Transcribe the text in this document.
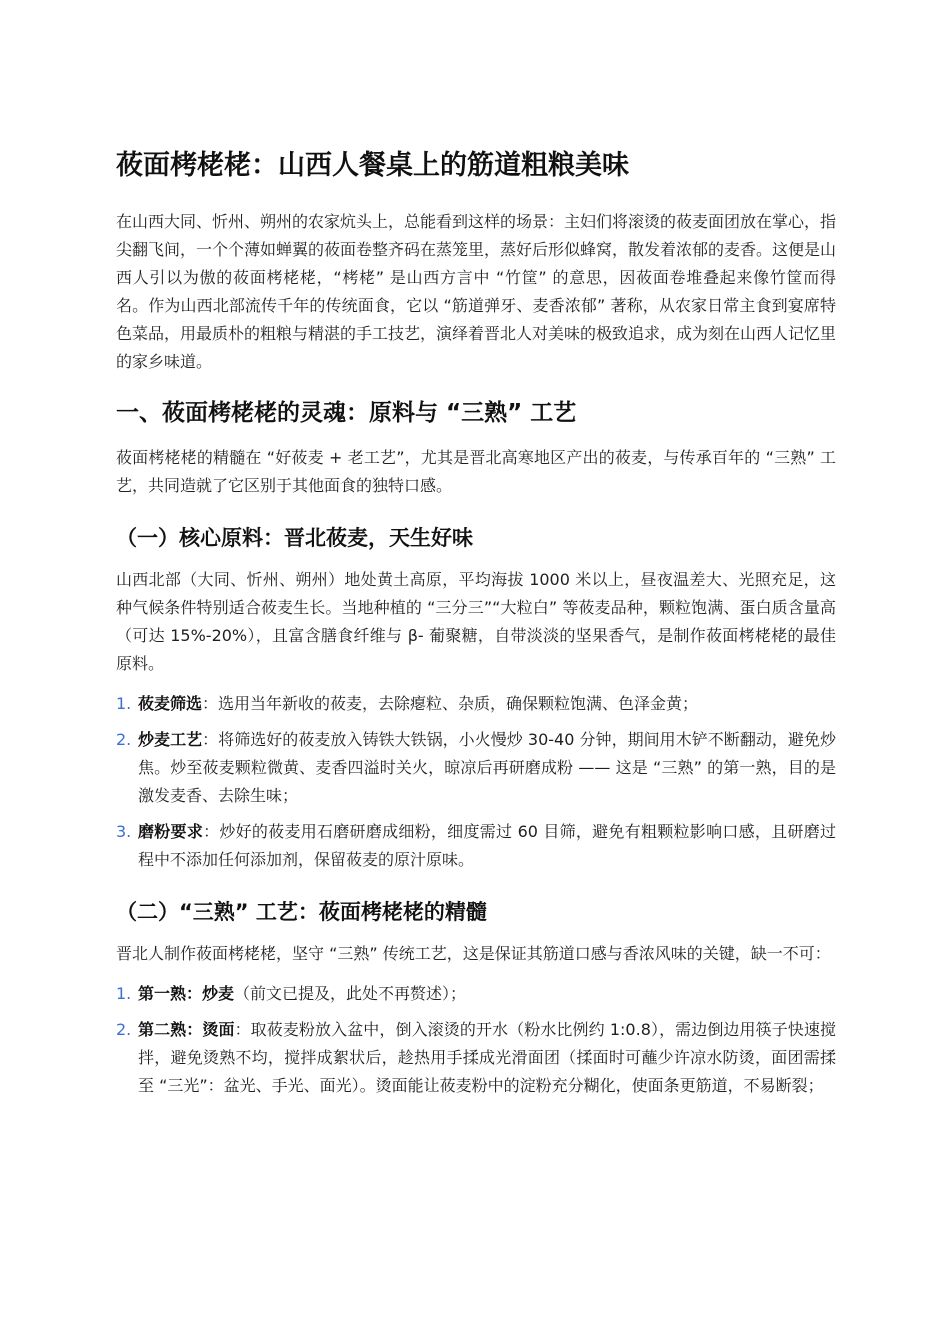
莜面栲栳栳：山西人餐桌上的筋道粗粮美味

在山西大同、忻州、朔州的农家炕头上，总能看到这样的场景：主妇们将滚烫的莜麦面团放在掌心，指尖翻飞间，一个个薄如蝉翼的莜面卷整齐码在蒸笼里，蒸好后形似蜂窝，散发着浓郁的麦香。这便是山西人引以为傲的莜面栲栳栳，“栲栳” 是山西方言中 “竹筐” 的意思，因莜面卷堆叠起来像竹筐而得名。作为山西北部流传千年的传统面食，它以 “筋道弹牙、麦香浓郁” 著称，从农家日常主食到宴席特色菜品，用最质朴的粗粮与精湛的手工技艺，演绎着晋北人对美味的极致追求，成为刻在山西人记忆里的家乡味道。

一、莜面栲栳栳的灵魂：原料与 “三熟” 工艺

莜面栲栳栳的精髓在 “好莜麦 + 老工艺”，尤其是晋北高寒地区产出的莜麦，与传承百年的 “三熟” 工艺，共同造就了它区别于其他面食的独特口感。

（一）核心原料：晋北莜麦，天生好味

山西北部（大同、忻州、朔州）地处黄土高原，平均海拔 1000 米以上，昼夜温差大、光照充足，这种气候条件特别适合莜麦生长。当地种植的 “三分三”“大粒白” 等莜麦品种，颗粒饱满、蛋白质含量高（可达 15%-20%），且富含膳食纤维与 β- 葡聚糖，自带淡淡的坚果香气，是制作莜面栲栳栳的最佳原料。

1. 莜麦筛选：选用当年新收的莜麦，去除瘪粒、杂质，确保颗粒饱满、色泽金黄；
2. 炒麦工艺：将筛选好的莜麦放入铸铁大铁锅，小火慢炒 30-40 分钟，期间用木铲不断翻动，避免炒焦。炒至莜麦颗粒微黄、麦香四溢时关火，晾凉后再研磨成粉 —— 这是 “三熟” 的第一熟，目的是激发麦香、去除生味；
3. 磨粉要求：炒好的莜麦用石磨研磨成细粉，细度需过 60 目筛，避免有粗颗粒影响口感，且研磨过程中不添加任何添加剂，保留莜麦的原汁原味。
（二）“三熟” 工艺：莜面栲栳栳的精髓

晋北人制作莜面栲栳栳，坚守 “三熟” 传统工艺，这是保证其筋道口感与香浓风味的关键，缺一不可：

1. 第一熟：炒麦（前文已提及，此处不再赘述）；
2. 第二熟：烫面：取莜麦粉放入盆中，倒入滚烫的开水（粉水比例约 1:0.8），需边倒边用筷子快速搅拌，避免烫熟不均，搅拌成絮状后，趁热用手揉成光滑面团（揉面时可蘸少许凉水防烫，面团需揉至 “三光”：盆光、手光、面光）。烫面能让莜麦粉中的淀粉充分糊化，使面条更筋道，不易断裂；
